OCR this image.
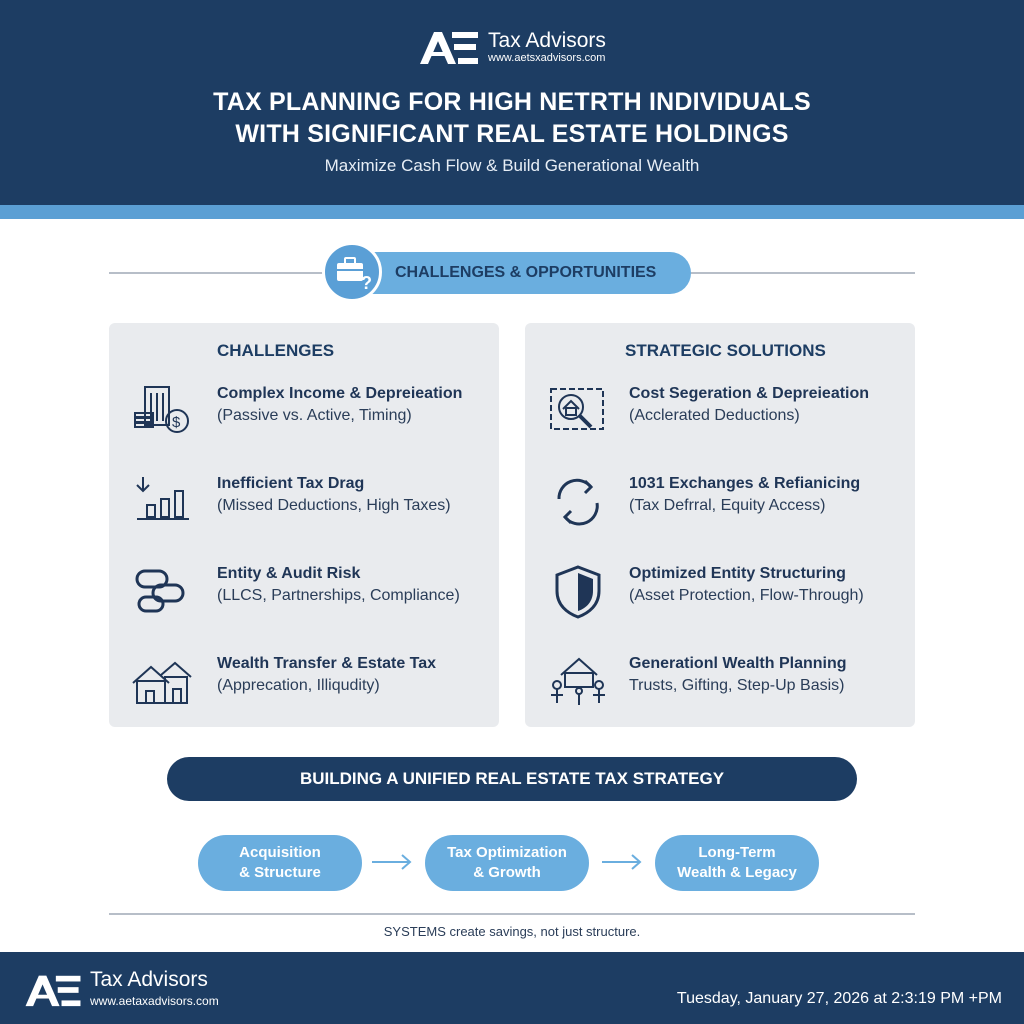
Tax Advisors
www.aetsxadvisors.com
TAX PLANNING FOR HIGH NETRTH INDIVIDUALS
WITH SIGNIFICANT REAL ESTATE HOLDINGS
Maximize Cash Flow & Build Generational Wealth
CHALLENGES & OPPORTUNITIES
?
CHALLENGES
$
Complex Income & Depreieation
(Passive vs. Active, Timing)
Inefficient Tax Drag
(Missed Deductions, High Taxes)
Entity & Audit Risk
(LLCS, Partnerships, Compliance)
Wealth Transfer & Estate Tax
(Appreсation, Illiqudity)
STRATEGIC SOLUTIONS
Cost Segeration & Depreieation
(Acclerated Deductions)
1031 Exchanges & Refianicing
(Tax Defrral, Equity Access)
Optimized Entity Structuring
(Asset Protection, Flow-Through)
Generationl Wealth Planning
Trusts, Gifting, Step-Up Basis)
BUILDING A UNIFIED REAL ESTATE TAX STRATEGY
Acquisition
& Structure
Tax Optimization
& Growth
Long-Term
Wealth & Legacy
SYSTEMS create savings, not just structure.
Tax Advisors
www.aetaxadvisors.com	Tuesday, January 27, 2026 at 2:3:19 PM +PM
